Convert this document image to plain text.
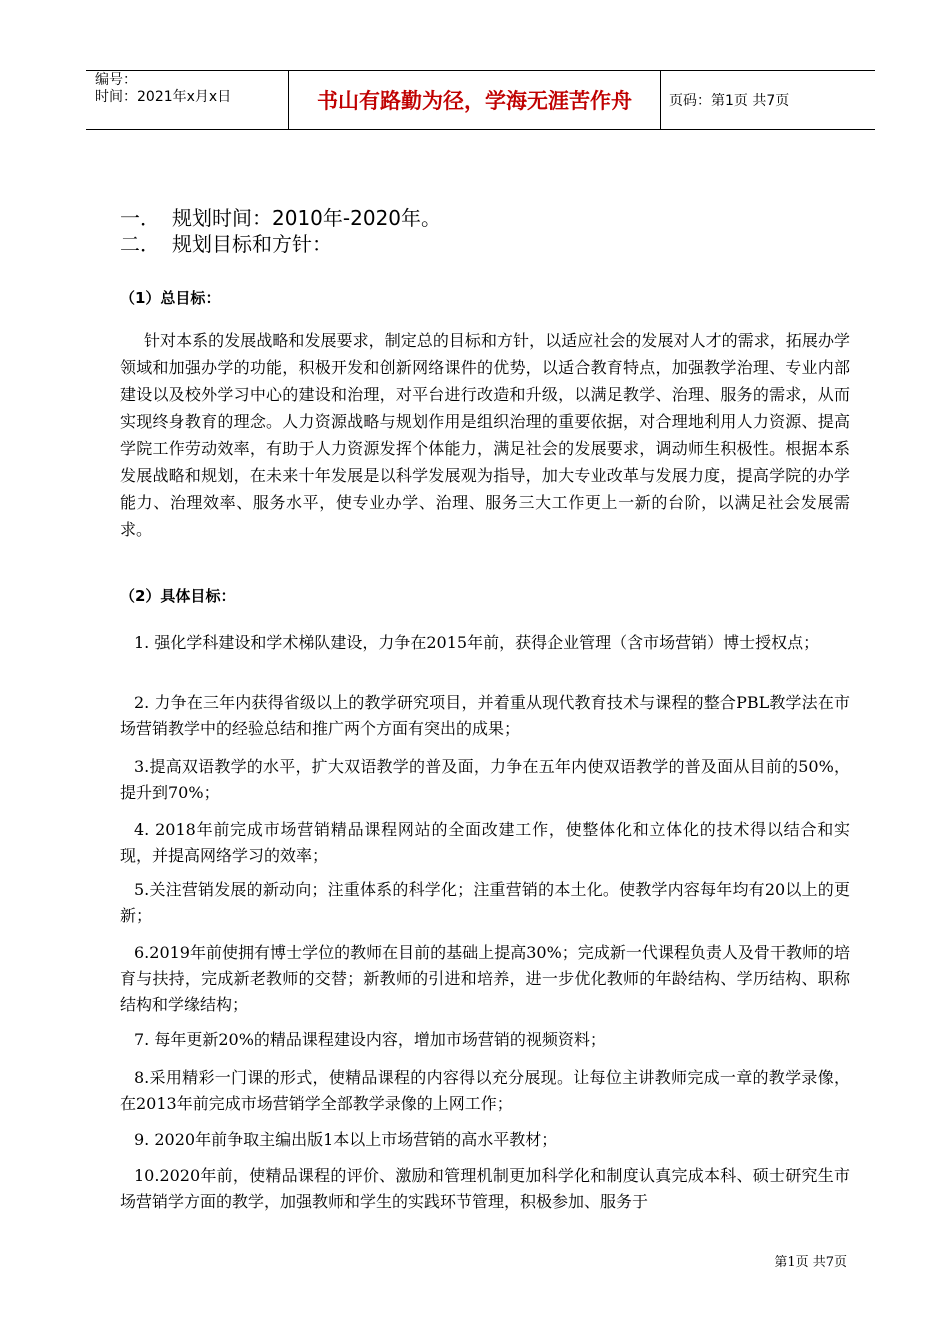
编号：
时间：2021年x月x日	书山有路勤为径，学海无涯苦作舟	页码：第1页 共7页
一． 规划时间：2010年-2020年。
二． 规划目标和方针：
（1）总目标：
针对本系的发展战略和发展要求，制定总的目标和方针，以适应社会的发展对人才的需求，拓展办学领域和加强办学的功能，积极开发和创新网络课件的优势，以适合教育特点，加强教学治理、专业内部建设以及校外学习中心的建设和治理，对平台进行改造和升级，以满足教学、治理、服务的需求，从而实现终身教育的理念。人力资源战略与规划作用是组织治理的重要依据，对合理地利用人力资源、提高学院工作劳动效率，有助于人力资源发挥个体能力，满足社会的发展要求，调动师生积极性。根据本系发展战略和规划，在未来十年发展是以科学发展观为指导，加大专业改革与发展力度，提高学院的办学能力、治理效率、服务水平，使专业办学、治理、服务三大工作更上一新的台阶，以满足社会发展需求。
（2）具体目标：
1. 强化学科建设和学术梯队建设，力争在2015年前，获得企业管理（含市场营销）博士授权点；
2. 力争在三年内获得省级以上的教学研究项目，并着重从现代教育技术与课程的整合PBL教学法在市场营销教学中的经验总结和推广两个方面有突出的成果；
3.提高双语教学的水平，扩大双语教学的普及面，力争在五年内使双语教学的普及面从目前的50%，提升到70%；
4. 2018年前完成市场营销精品课程网站的全面改建工作，使整体化和立体化的技术得以结合和实现，并提高网络学习的效率；
5.关注营销发展的新动向；注重体系的科学化；注重营销的本土化。使教学内容每年均有20以上的更新；
6.2019年前使拥有博士学位的教师在目前的基础上提高30%；完成新一代课程负责人及骨干教师的培育与扶持，完成新老教师的交替；新教师的引进和培养，进一步优化教师的年龄结构、学历结构、职称结构和学缘结构；
7. 每年更新20%的精品课程建设内容，增加市场营销的视频资料；
8.采用精彩一门课的形式，使精品课程的内容得以充分展现。让每位主讲教师完成一章的教学录像，在2013年前完成市场营销学全部教学录像的上网工作；
9. 2020年前争取主编出版1本以上市场营销的高水平教材；
10.2020年前，使精品课程的评价、激励和管理机制更加科学化和制度认真完成本科、硕士研究生市场营销学方面的教学，加强教师和学生的实践环节管理，积极参加、服务于
第1页 共7页
